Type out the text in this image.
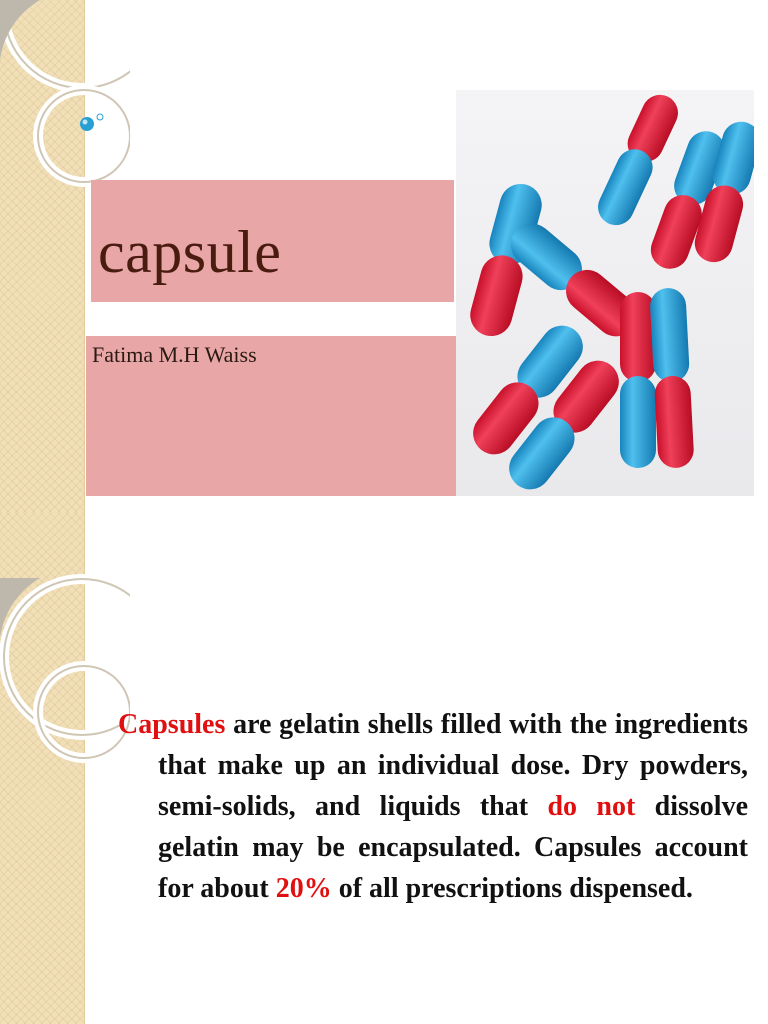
capsule
Fatima M.H Waiss
Capsules are gelatin shells filled with the ingredients that make up an individual dose. Dry powders, semi-solids, and liquids that do not dissolve gelatin may be encapsulated. Capsules account for about 20% of all prescriptions dispensed.
